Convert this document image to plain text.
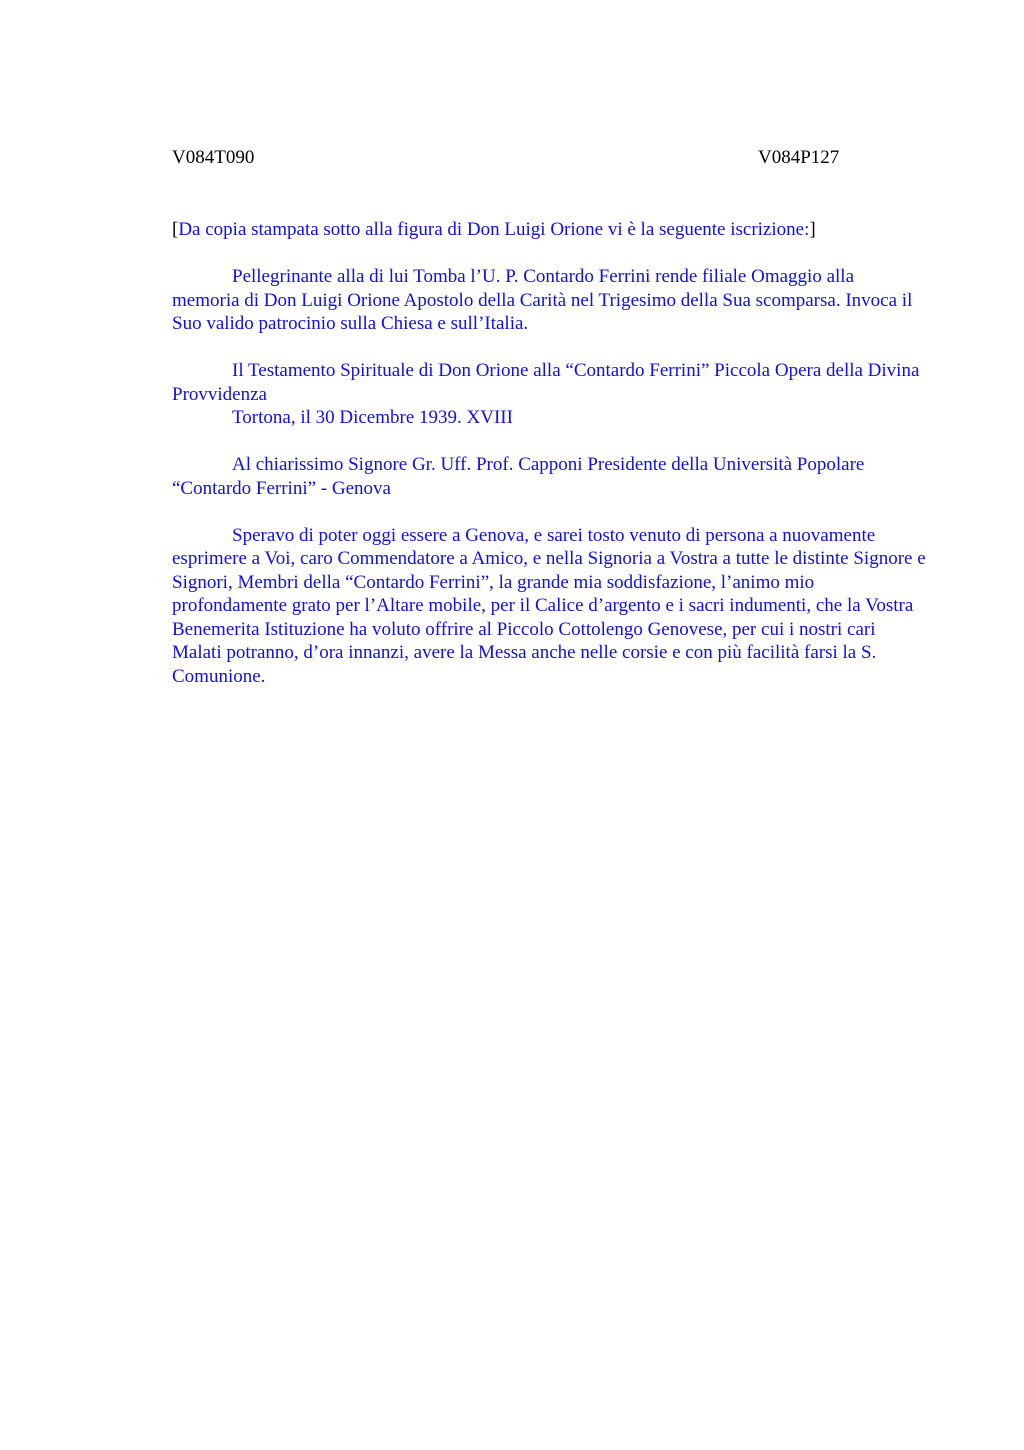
V084T090	V084P127

[Da copia stampata sotto alla figura di Don Luigi Orione vi è la seguente iscrizione:]

Pellegrinante alla di lui Tomba l’U. P. Contardo Ferrini rende filiale Omaggio alla memoria di Don Luigi Orione Apostolo della Carità nel Trigesimo della Sua scomparsa. Invoca il Suo valido patrocinio sulla Chiesa e sull’Italia.

Il Testamento Spirituale di Don Orione alla “Contardo Ferrini” Piccola Opera della Divina Provvidenza
Tortona, il 30 Dicembre 1939. XVIII

Al chiarissimo Signore Gr. Uff. Prof. Capponi Presidente della Università Popolare “Contardo Ferrini” - Genova

Speravo di poter oggi essere a Genova, e sarei tosto venuto di persona a nuovamente esprimere a Voi, caro Commendatore a Amico, e nella Signoria a Vostra a tutte le distinte Signore e Signori, Membri della “Contardo Ferrini”, la grande mia soddisfazione, l’animo mio profondamente grato per l’Altare mobile, per il Calice d’argento e i sacri indumenti, che la Vostra Benemerita Istituzione ha voluto offrire al Piccolo Cottolengo Genovese, per cui i nostri cari Malati potranno, d’ora innanzi, avere la Messa anche nelle corsie e con più facilità farsi la S. Comunione.
